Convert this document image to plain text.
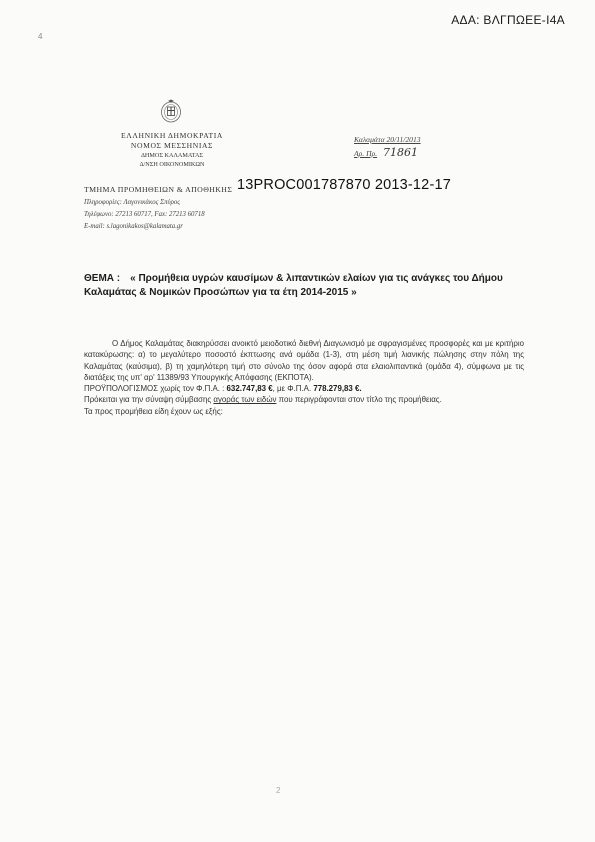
4
ΑΔΑ: ΒΛΓΠΩΕΕ-Ι4Α
ΕΛΛΗΝΙΚΗ ΔΗΜΟΚΡΑΤΙΑ
ΝΟΜΟΣ ΜΕΣΣΗΝΙΑΣ
ΔΗΜΟΣ ΚΑΛΑΜΑΤΑΣ
Δ/ΝΣΗ ΟΙΚΟΝΟΜΙΚΩΝ
ΤΜΗΜΑ ΠΡΟΜΗΘΕΙΩΝ & ΑΠΟΘΗΚΗΣ
Πληροφορίες: Λαγονικάκος Σπύρος
Τηλέφωνο: 27213 60717, Fax: 27213 60718
E-mail: s.lagonikakos@kalamata.gr
Καλαμάτα 20/11/2013
Αρ. Πρ. 71861
13PROC001787870 2013-12-17
ΘΕΜΑ : « Προμήθεια υγρών καυσίμων & λιπαντικών ελαίων για τις ανάγκες του Δήμου Καλαμάτας & Νομικών Προσώπων για τα έτη 2014-2015 »

Ο Δήμος Καλαμάτας διακηρύσσει ανοικτό μειοδοτικό διεθνή Διαγωνισμό με σφραγισμένες προσφορές και με κριτήριο κατακύρωσης: α) το μεγαλύτερο ποσοστό έκπτωσης ανά ομάδα (1-3), στη μέση τιμή λιανικής πώλησης στην πόλη της Καλαμάτας (καύσιμα), β) τη χαμηλότερη τιμή στο σύνολο της όσον αφορά στα ελαιολιπαντικά (ομάδα 4), σύμφωνα με τις διατάξεις της υπ' αρ' 11389/93 Υπουργικής Απόφασης (ΕΚΠΟΤΑ).

ΠΡΟΫΠΟΛΟΓΙΣΜΟΣ χωρίς τον Φ.Π.Α. : 632.747,83 €, με Φ.Π.Α. 778.279,83 €.

Πρόκειται για την σύναψη σύμβασης αγοράς των ειδών που περιγράφονται στον τίτλο της προμήθειας.

Τα προς προμήθεια είδη έχουν ως εξής:

2
